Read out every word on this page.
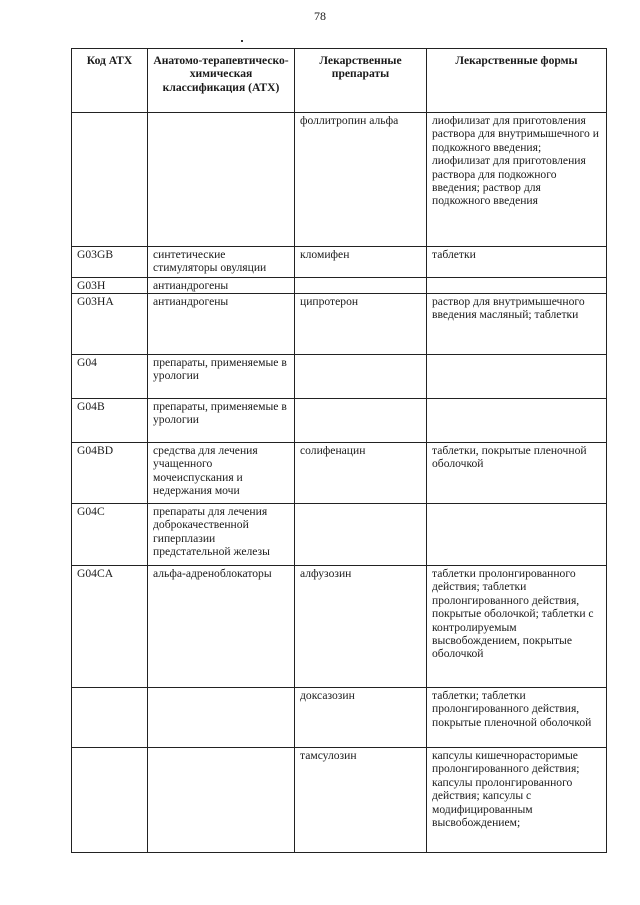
78
Код АТХ	Анатомо-терапевтическо-химическая классификация (АТХ)	Лекарственные препараты	Лекарственные формы
		фоллитропин альфа	лиофилизат для приготовления раствора для внутримышечного и подкожного введения; лиофилизат для приготовления раствора для подкожного введения; раствор для подкожного введения
G03GB	синтетические стимуляторы овуляции	кломифен	таблетки
G03H	антиандрогены		
G03HA	антиандрогены	ципротерон	раствор для внутримышечного введения масляный; таблетки
G04	препараты, применяемые в урологии		
G04B	препараты, применяемые в урологии		
G04BD	средства для лечения учащенного мочеиспускания и недержания мочи	солифенацин	таблетки, покрытые пленочной оболочкой
G04C	препараты для лечения доброкачественной гиперплазии предстательной железы		
G04CA	альфа-адреноблокаторы	алфузозин	таблетки пролонгированного действия; таблетки пролонгированного действия, покрытые оболочкой; таблетки с контролируемым высвобождением, покрытые оболочкой
		доксазозин	таблетки; таблетки пролонгированного действия, покрытые пленочной оболочкой
		тамсулозин	капсулы кишечнорасторимые пролонгированного действия; капсулы пролонгированного действия; капсулы с модифицированным высвобождением;
